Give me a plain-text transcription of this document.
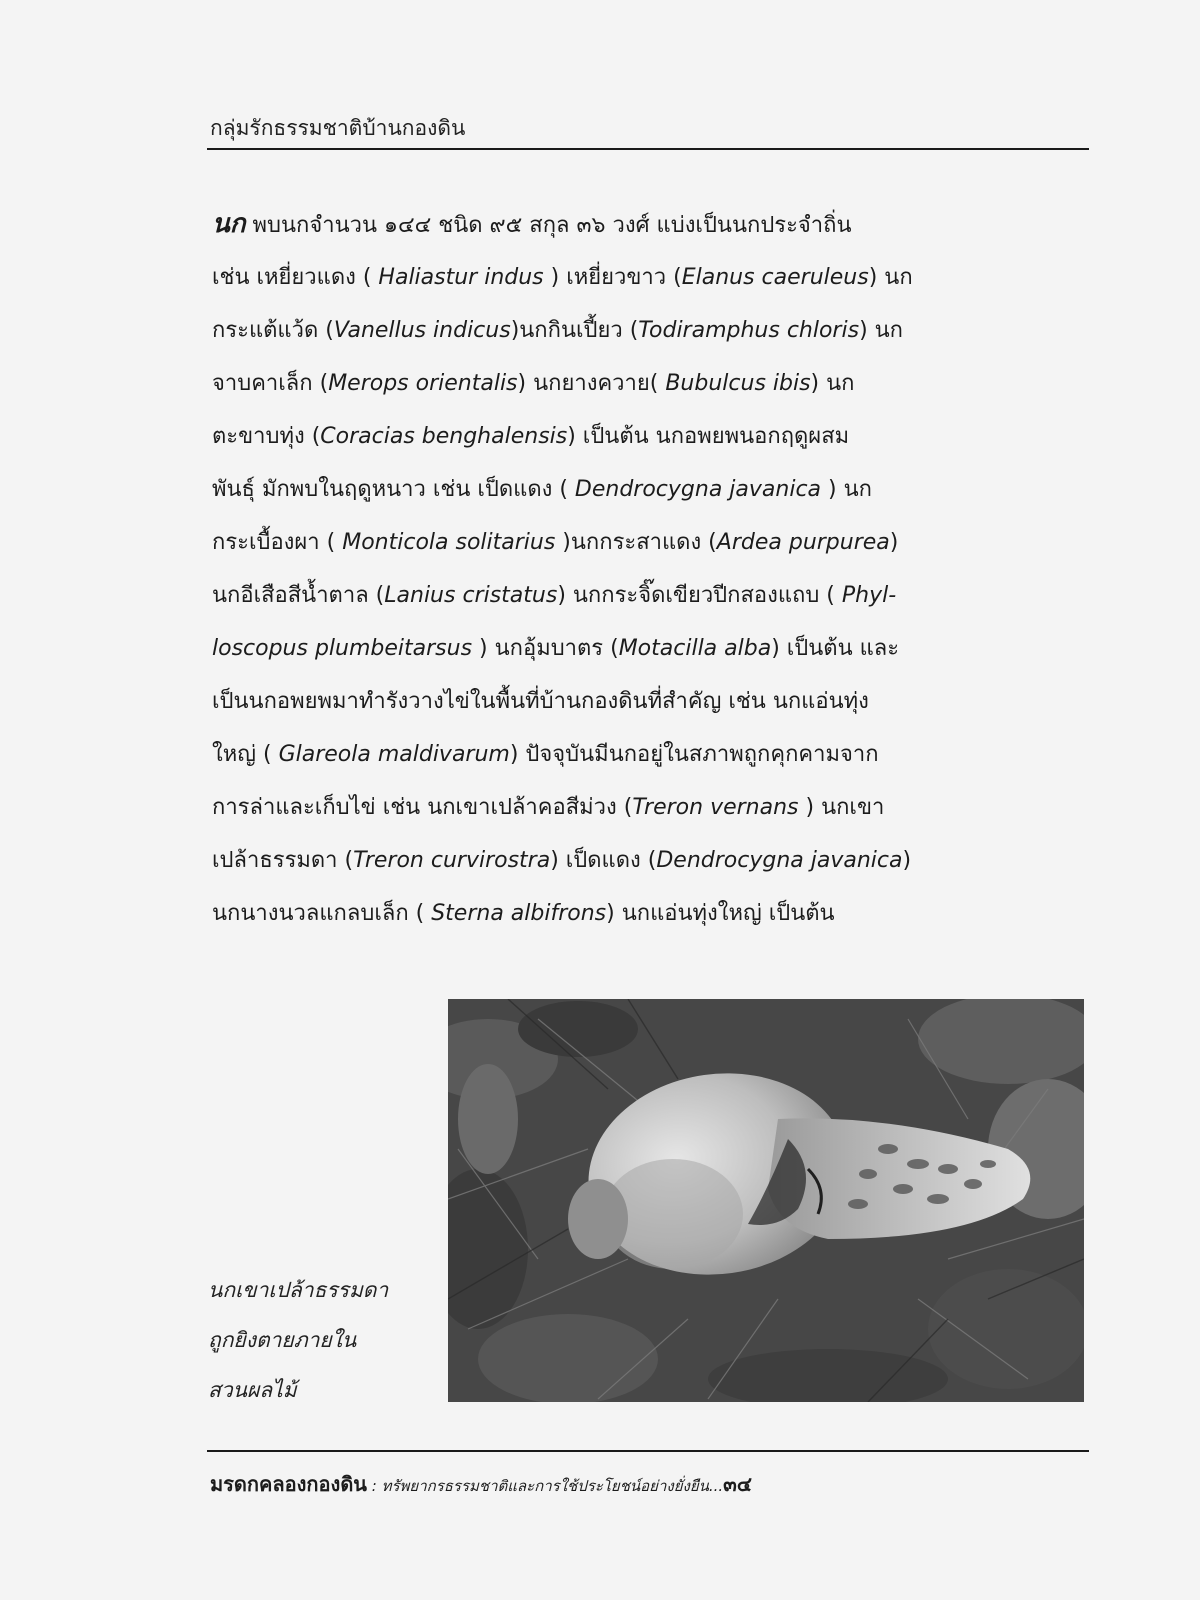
กลุ่มรักธรรมชาติบ้านกองดิน
นก พบนกจำนวน ๑๔๔ ชนิด ๙๕ สกุล ๓๖ วงศ์ แบ่งเป็นนกประจำถิ่น
เช่น เหยี่ยวแดง ( Haliastur indus ) เหยี่ยวขาว (Elanus caeruleus) นก
กระแต้แว้ด (Vanellus indicus)นกกินเปี้ยว (Todiramphus chloris) นก
จาบคาเล็ก (Merops orientalis) นกยางควาย( Bubulcus ibis) นก
ตะขาบทุ่ง (Coracias benghalensis) เป็นต้น นกอพยพนอกฤดูผสม
พันธุ์ มักพบในฤดูหนาว เช่น เป็ดแดง ( Dendrocygna javanica ) นก
กระเบื้องผา ( Monticola solitarius )นกกระสาแดง (Ardea purpurea)
นกอีเสือสีน้ำตาล (Lanius cristatus) นกกระจิ๊ดเขียวปีกสองแถบ ( Phyl-
loscopus plumbeitarsus ) นกอุ้มบาตร (Motacilla alba) เป็นต้น และ
เป็นนกอพยพมาทำรังวางไข่ในพื้นที่บ้านกองดินที่สำคัญ เช่น นกแอ่นทุ่ง
ใหญ่ ( Glareola maldivarum) ปัจจุบันมีนกอยู่ในสภาพถูกคุกคามจาก
การล่าและเก็บไข่ เช่น นกเขาเปล้าคอสีม่วง (Treron vernans ) นกเขา
เปล้าธรรมดา (Treron curvirostra) เป็ดแดง (Dendrocygna javanica)
นกนางนวลแกลบเล็ก ( Sterna albifrons) นกแอ่นทุ่งใหญ่ เป็นต้น
นกเขาเปล้าธรรมดา
ถูกยิงตายภายใน
สวนผลไม้
มรดกคลองกองดิน : ทรัพยากรธรรมชาติและการใช้ประโยชน์อย่างยั่งยืน...๓๔
